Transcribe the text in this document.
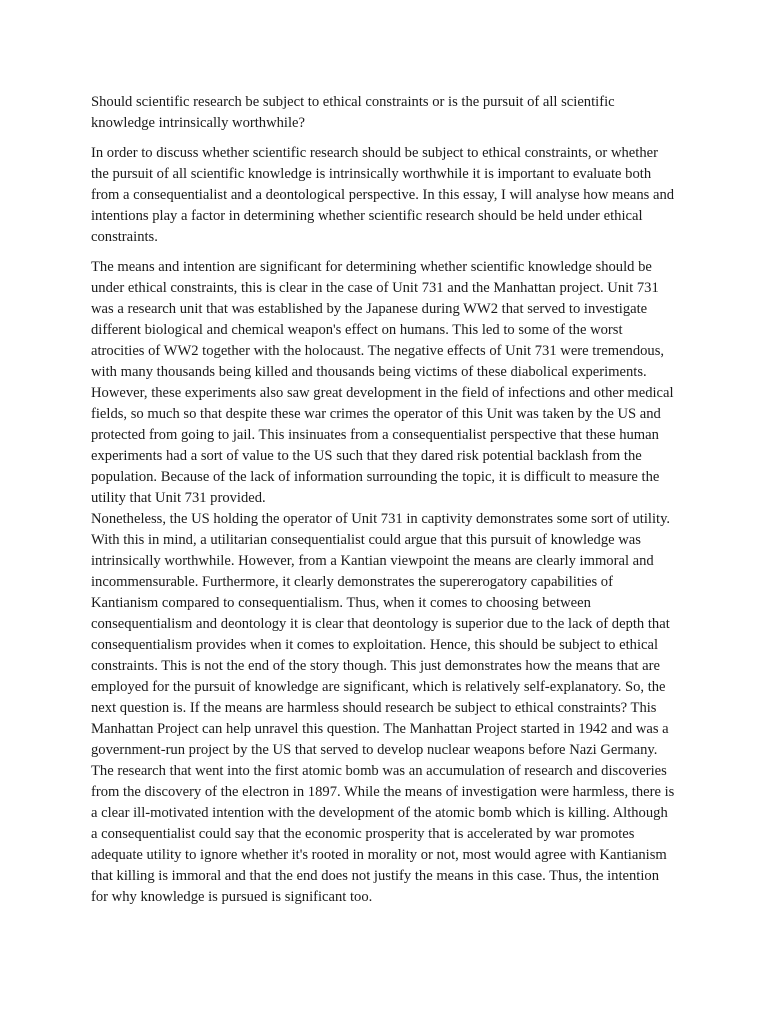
Should scientific research be subject to ethical constraints or is the pursuit of all scientific knowledge intrinsically worthwhile?

In order to discuss whether scientific research should be subject to ethical constraints, or whether the pursuit of all scientific knowledge is intrinsically worthwhile it is important to evaluate both from a consequentialist and a deontological perspective. In this essay, I will analyse how means and intentions play a factor in determining whether scientific research should be held under ethical constraints.

The means and intention are significant for determining whether scientific knowledge should be under ethical constraints, this is clear in the case of Unit 731 and the Manhattan project. Unit 731 was a research unit that was established by the Japanese during WW2 that served to investigate different biological and chemical weapon's effect on humans. This led to some of the worst atrocities of WW2 together with the holocaust. The negative effects of Unit 731 were tremendous, with many thousands being killed and thousands being victims of these diabolical experiments. However, these experiments also saw great development in the field of infections and other medical fields, so much so that despite these war crimes the operator of this Unit was taken by the US and protected from going to jail. This insinuates from a consequentialist perspective that these human experiments had a sort of value to the US such that they dared risk potential backlash from the population. Because of the lack of information surrounding the topic, it is difficult to measure the utility that Unit 731 provided.

Nonetheless, the US holding the operator of Unit 731 in captivity demonstrates some sort of utility. With this in mind, a utilitarian consequentialist could argue that this pursuit of knowledge was intrinsically worthwhile. However, from a Kantian viewpoint the means are clearly immoral and incommensurable. Furthermore, it clearly demonstrates the supererogatory capabilities of Kantianism compared to consequentialism. Thus, when it comes to choosing between consequentialism and deontology it is clear that deontology is superior due to the lack of depth that consequentialism provides when it comes to exploitation. Hence, this should be subject to ethical constraints. This is not the end of the story though. This just demonstrates how the means that are employed for the pursuit of knowledge are significant, which is relatively self-explanatory. So, the next question is. If the means are harmless should research be subject to ethical constraints? This Manhattan Project can help unravel this question. The Manhattan Project started in 1942 and was a government-run project by the US that served to develop nuclear weapons before Nazi Germany. The research that went into the first atomic bomb was an accumulation of research and discoveries from the discovery of the electron in 1897. While the means of investigation were harmless, there is a clear ill-motivated intention with the development of the atomic bomb which is killing. Although a consequentialist could say that the economic prosperity that is accelerated by war promotes adequate utility to ignore whether it's rooted in morality or not, most would agree with Kantianism that killing is immoral and that the end does not justify the means in this case. Thus, the intention for why knowledge is pursued is significant too.
